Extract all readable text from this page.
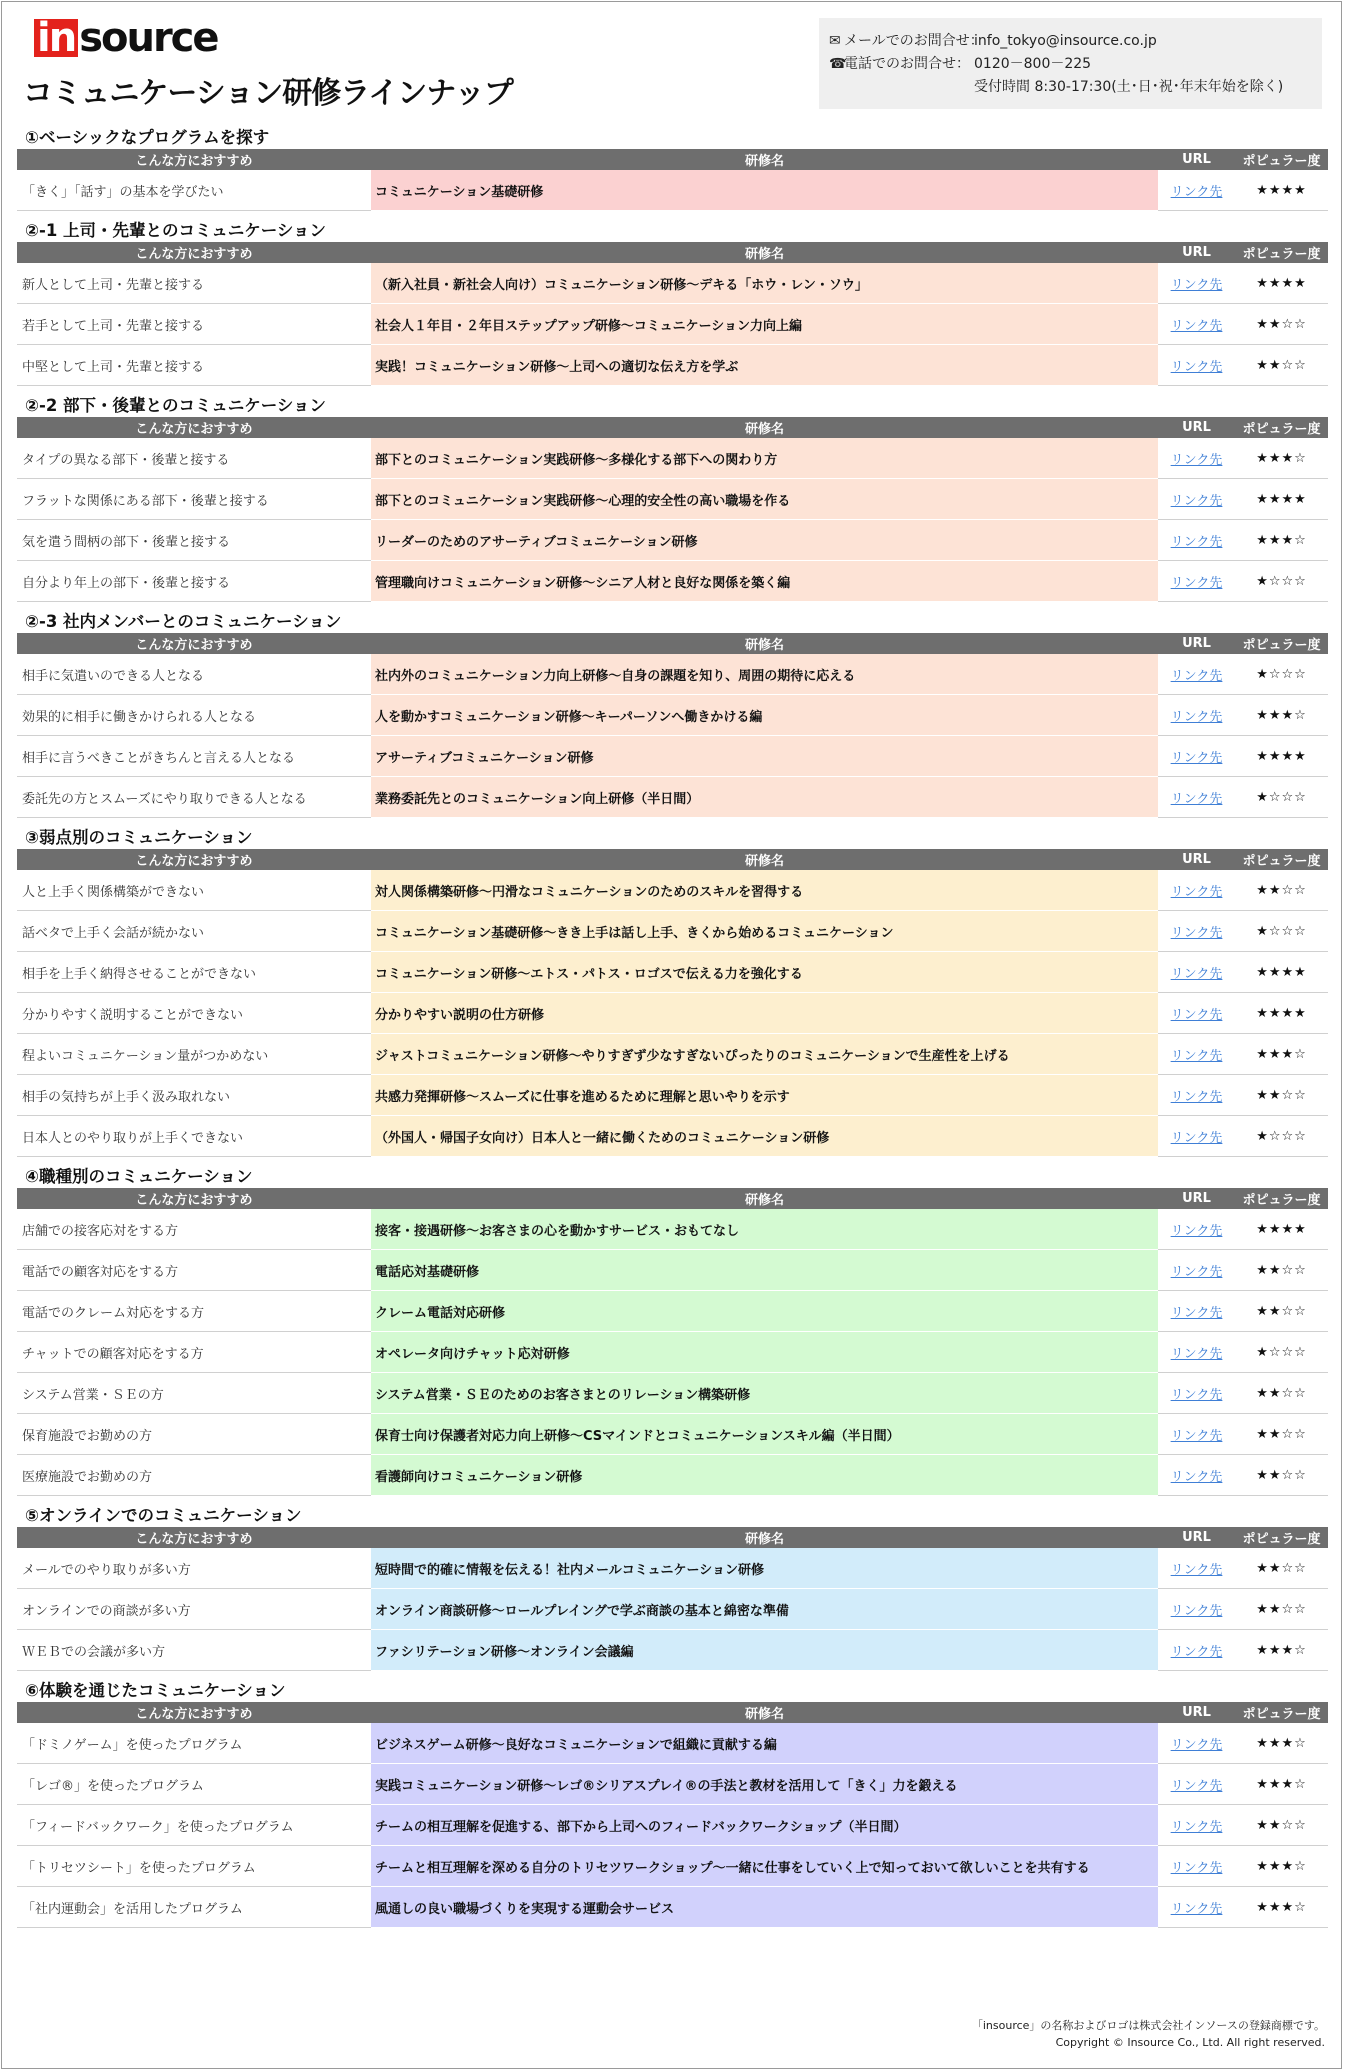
in source
コミュニケーション研修ラインナップ
✉ メールでのお問合せ：
info_tokyo@insource.co.jp
☎電話でのお問合せ： 0120－800－225
受付時間 8:30-17:30(土･日･祝･年末年始を除く)
①ベーシックなプログラムを探す
こんな方におすすめ	研修名	URL	ポピュラー度
「きく」「話す」の基本を学びたい	コミュニケーション基礎研修	リンク先	★★★★
②-1 上司・先輩とのコミュニケーション
こんな方におすすめ	研修名	URL	ポピュラー度
新人として上司・先輩と接する	（新入社員・新社会人向け）コミュニケーション研修～デキる「ホウ・レン・ソウ」	リンク先	★★★★
若手として上司・先輩と接する	社会人１年目・２年目ステップアップ研修～コミュニケーション力向上編	リンク先	★★☆☆
中堅として上司・先輩と接する	実践！コミュニケーション研修～上司への適切な伝え方を学ぶ	リンク先	★★☆☆
②-2 部下・後輩とのコミュニケーション
こんな方におすすめ	研修名	URL	ポピュラー度
タイプの異なる部下・後輩と接する	部下とのコミュニケーション実践研修～多様化する部下への関わり方	リンク先	★★★☆
フラットな関係にある部下・後輩と接する	部下とのコミュニケーション実践研修～心理的安全性の高い職場を作る	リンク先	★★★★
気を遣う間柄の部下・後輩と接する	リーダーのためのアサーティブコミュニケーション研修	リンク先	★★★☆
自分より年上の部下・後輩と接する	管理職向けコミュニケーション研修～シニア人材と良好な関係を築く編	リンク先	★☆☆☆
②-3 社内メンバーとのコミュニケーション
こんな方におすすめ	研修名	URL	ポピュラー度
相手に気遣いのできる人となる	社内外のコミュニケーション力向上研修～自身の課題を知り、周囲の期待に応える	リンク先	★☆☆☆
効果的に相手に働きかけられる人となる	人を動かすコミュニケーション研修～キーパーソンへ働きかける編	リンク先	★★★☆
相手に言うべきことがきちんと言える人となる	アサーティブコミュニケーション研修	リンク先	★★★★
委託先の方とスムーズにやり取りできる人となる	業務委託先とのコミュニケーション向上研修（半日間）	リンク先	★☆☆☆
③弱点別のコミュニケーション
こんな方におすすめ	研修名	URL	ポピュラー度
人と上手く関係構築ができない	対人関係構築研修～円滑なコミュニケーションのためのスキルを習得する	リンク先	★★☆☆
話ベタで上手く会話が続かない	コミュニケーション基礎研修～きき上手は話し上手、きくから始めるコミュニケーション	リンク先	★☆☆☆
相手を上手く納得させることができない	コミュニケーション研修～エトス・パトス・ロゴスで伝える力を強化する	リンク先	★★★★
分かりやすく説明することができない	分かりやすい説明の仕方研修	リンク先	★★★★
程よいコミュニケーション量がつかめない	ジャストコミュニケーション研修～やりすぎず少なすぎないぴったりのコミュニケーションで生産性を上げる	リンク先	★★★☆
相手の気持ちが上手く汲み取れない	共感力発揮研修～スムーズに仕事を進めるために理解と思いやりを示す	リンク先	★★☆☆
日本人とのやり取りが上手くできない	（外国人・帰国子女向け）日本人と一緒に働くためのコミュニケーション研修	リンク先	★☆☆☆
④職種別のコミュニケーション
こんな方におすすめ	研修名	URL	ポピュラー度
店舗での接客応対をする方	接客・接遇研修～お客さまの心を動かすサービス・おもてなし	リンク先	★★★★
電話での顧客対応をする方	電話応対基礎研修	リンク先	★★☆☆
電話でのクレーム対応をする方	クレーム電話対応研修	リンク先	★★☆☆
チャットでの顧客対応をする方	オペレータ向けチャット応対研修	リンク先	★☆☆☆
システム営業・ＳＥの方	システム営業・ＳＥのためのお客さまとのリレーション構築研修	リンク先	★★☆☆
保育施設でお勤めの方	保育士向け保護者対応力向上研修～CSマインドとコミュニケーションスキル編（半日間）	リンク先	★★☆☆
医療施設でお勤めの方	看護師向けコミュニケーション研修	リンク先	★★☆☆
⑤オンラインでのコミュニケーション
こんな方におすすめ	研修名	URL	ポピュラー度
メールでのやり取りが多い方	短時間で的確に情報を伝える！社内メールコミュニケーション研修	リンク先	★★☆☆
オンラインでの商談が多い方	オンライン商談研修～ロールプレイングで学ぶ商談の基本と綿密な準備	リンク先	★★☆☆
ＷＥＢでの会議が多い方	ファシリテーション研修～オンライン会議編	リンク先	★★★☆
⑥体験を通じたコミュニケーション
こんな方におすすめ	研修名	URL	ポピュラー度
「ドミノゲーム」を使ったプログラム	ビジネスゲーム研修～良好なコミュニケーションで組織に貢献する編	リンク先	★★★☆
「レゴ®」を使ったプログラム	実践コミュニケーション研修～レゴ®シリアスプレイ®の手法と教材を活用して「きく」力を鍛える	リンク先	★★★☆
「フィードバックワーク」を使ったプログラム	チームの相互理解を促進する、部下から上司へのフィードバックワークショップ（半日間）	リンク先	★★☆☆
「トリセツシート」を使ったプログラム	チームと相互理解を深める自分のトリセツワークショップ～一緒に仕事をしていく上で知っておいて欲しいことを共有する	リンク先	★★★☆
「社内運動会」を活用したプログラム	風通しの良い職場づくりを実現する運動会サービス	リンク先	★★★☆
「insource」の名称およびロゴは株式会社インソースの登録商標です。
Copyright © Insource Co., Ltd. All right reserved.
